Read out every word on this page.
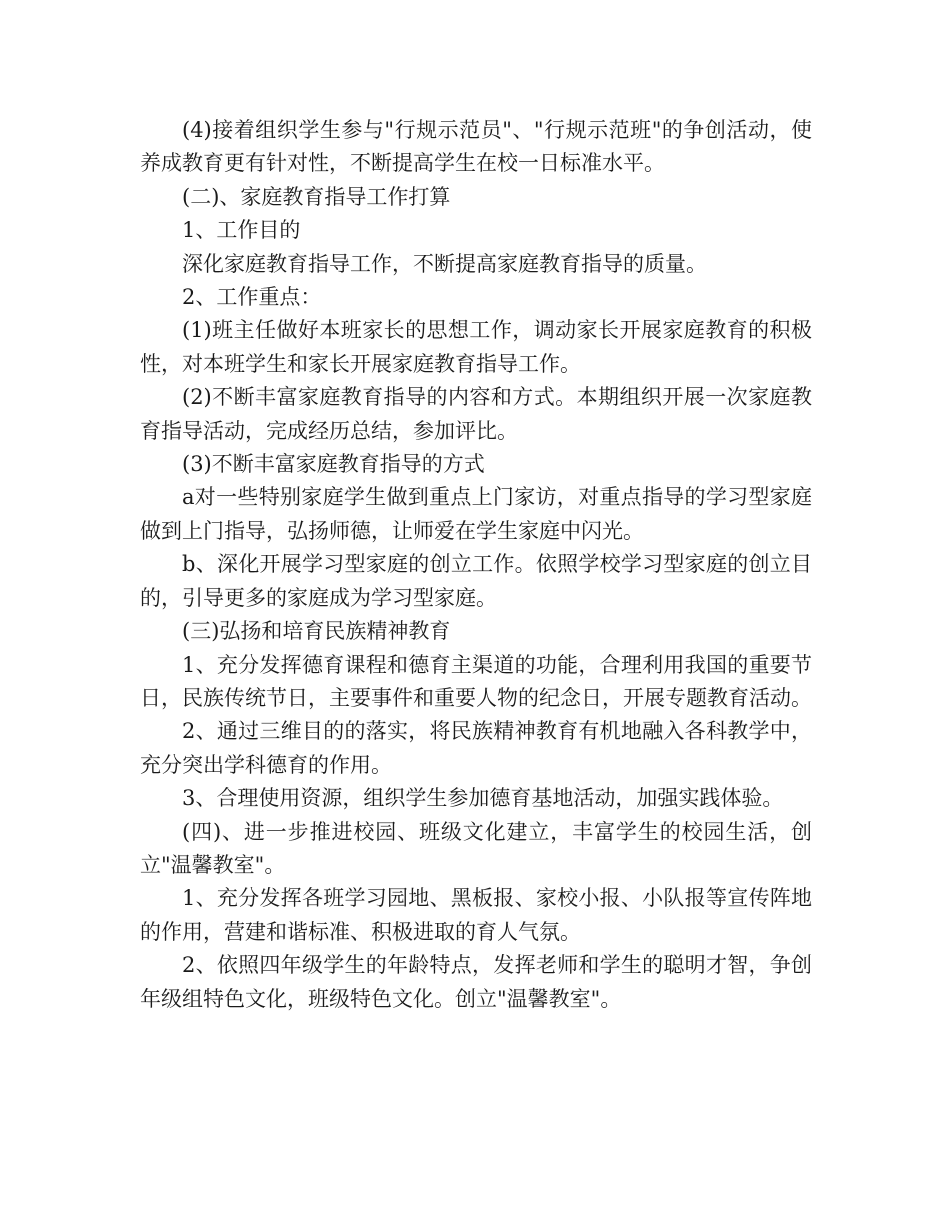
(4)接着组织学生参与"行规示范员"、"行规示范班"的争创活动，使养成教育更有针对性，不断提高学生在校一日标准水平。

(二)、家庭教育指导工作打算

1、工作目的

深化家庭教育指导工作，不断提高家庭教育指导的质量。

2、工作重点：

(1)班主任做好本班家长的思想工作，调动家长开展家庭教育的积极性，对本班学生和家长开展家庭教育指导工作。

(2)不断丰富家庭教育指导的内容和方式。本期组织开展一次家庭教育指导活动，完成经历总结，参加评比。

(3)不断丰富家庭教育指导的方式

a对一些特别家庭学生做到重点上门家访，对重点指导的学习型家庭做到上门指导，弘扬师德，让师爱在学生家庭中闪光。

b、深化开展学习型家庭的创立工作。依照学校学习型家庭的创立目的，引导更多的家庭成为学习型家庭。

(三)弘扬和培育民族精神教育

1、充分发挥德育课程和德育主渠道的功能，合理利用我国的重要节日，民族传统节日，主要事件和重要人物的纪念日，开展专题教育活动。

2、通过三维目的的落实，将民族精神教育有机地融入各科教学中，充分突出学科德育的作用。

3、合理使用资源，组织学生参加德育基地活动，加强实践体验。

(四)、进一步推进校园、班级文化建立，丰富学生的校园生活，创立"温馨教室"。

1、充分发挥各班学习园地、黑板报、家校小报、小队报等宣传阵地的作用，营建和谐标准、积极进取的育人气氛。

2、依照四年级学生的年龄特点，发挥老师和学生的聪明才智，争创年级组特色文化，班级特色文化。创立"温馨教室"。
